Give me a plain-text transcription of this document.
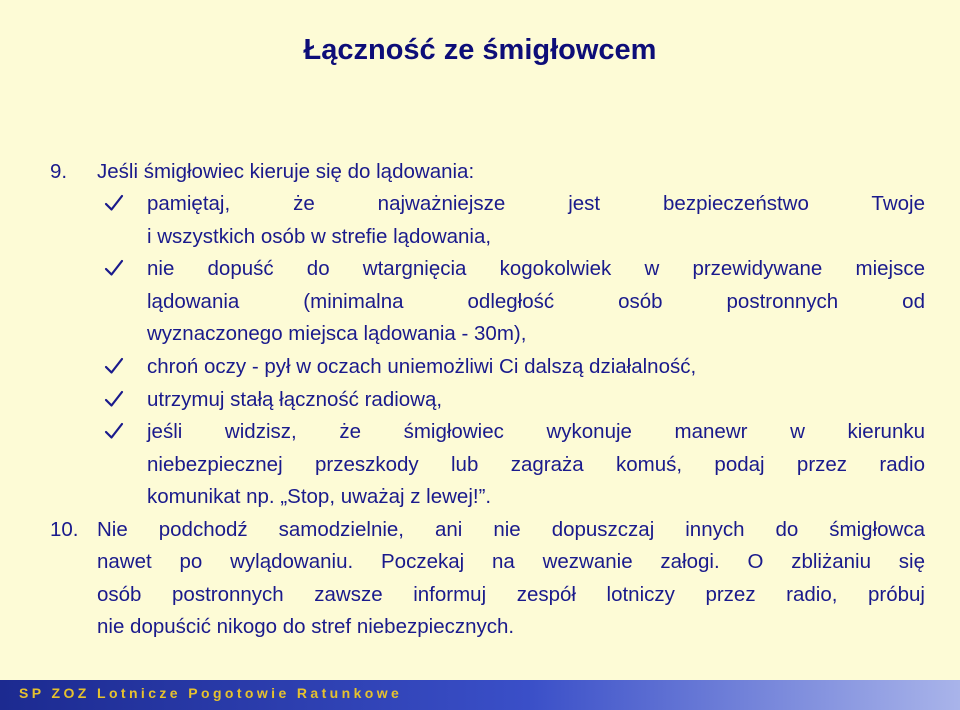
Łączność ze śmigłowcem
9.	Jeśli śmigłowiec kieruje się do lądowania:
pamiętaj, że najważniejsze jest bezpieczeństwo Twoje
i wszystkich osób w strefie lądowania,
nie dopuść do wtargnięcia kogokolwiek w przewidywane miejsce
lądowania (minimalna odległość osób postronnych od
wyznaczonego miejsca lądowania - 30m),
chroń oczy - pył w oczach uniemożliwi Ci dalszą działalność,
utrzymuj stałą łączność radiową,
jeśli widzisz, że śmigłowiec wykonuje manewr w kierunku
niebezpiecznej przeszkody lub zagraża komuś, podaj przez radio
komunikat np. „Stop, uważaj z lewej!”.
10. Nie podchodź samodzielnie, ani nie dopuszczaj innych do śmigłowca
nawet po wylądowaniu. Poczekaj na wezwanie załogi. O zbliżaniu się
osób postronnych zawsze informuj zespół lotniczy przez radio, próbuj
nie dopuścić nikogo do stref niebezpiecznych.
SP ZOZ Lotnicze Pogotowie Ratunkowe
